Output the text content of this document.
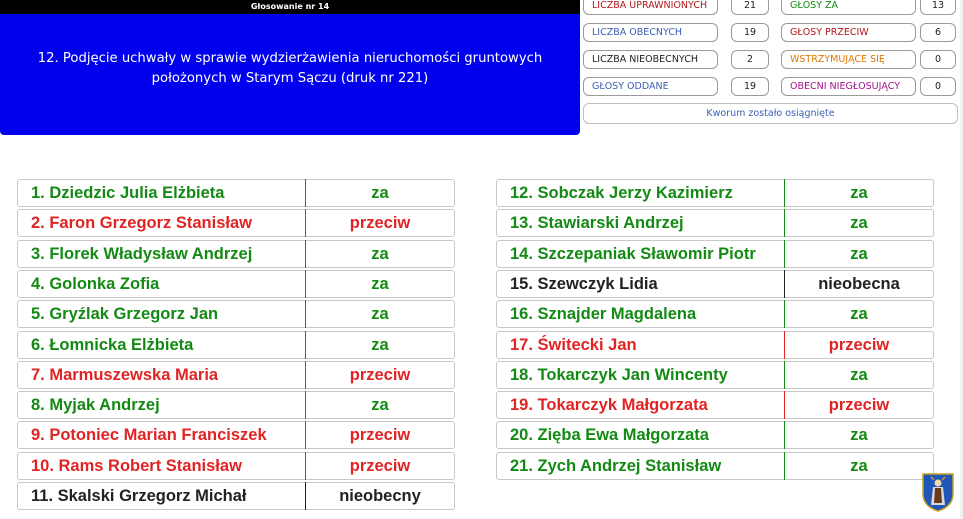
Głosowanie nr 14
12. Podjęcie uchwały w sprawie wydzierżawienia nieruchomości gruntowych położonych w Starym Sączu (druk nr 221)
LICZBA UPRAWNIONYCH	21
LICZBA OBECNYCH	19
LICZBA NIEOBECNYCH	2
GŁOSY ODDANE	19
GŁOSY ZA	13
GŁOSY PRZECIW	6
WSTRZYMUJĄCE SIĘ	0
OBECNI NIEGŁOSUJĄCY	0
Kworum zostało osiągnięte
1. Dziedzic Julia Elżbieta	za
2. Faron Grzegorz Stanisław	przeciw
3. Florek Władysław Andrzej	za
4. Golonka Zofia	za
5. Gryźlak Grzegorz Jan	za
6. Łomnicka Elżbieta	za
7. Marmuszewska Maria	przeciw
8. Myjak Andrzej	za
9. Potoniec Marian Franciszek	przeciw
10. Rams Robert Stanisław	przeciw
11. Skalski Grzegorz Michał	nieobecny
12. Sobczak Jerzy Kazimierz	za
13. Stawiarski Andrzej	za
14. Szczepaniak Sławomir Piotr	za
15. Szewczyk Lidia	nieobecna
16. Sznajder Magdalena	za
17. Świtecki Jan	przeciw
18. Tokarczyk Jan Wincenty	za
19. Tokarczyk Małgorzata	przeciw
20. Zięba Ewa Małgorzata	za
21. Zych Andrzej Stanisław	za
